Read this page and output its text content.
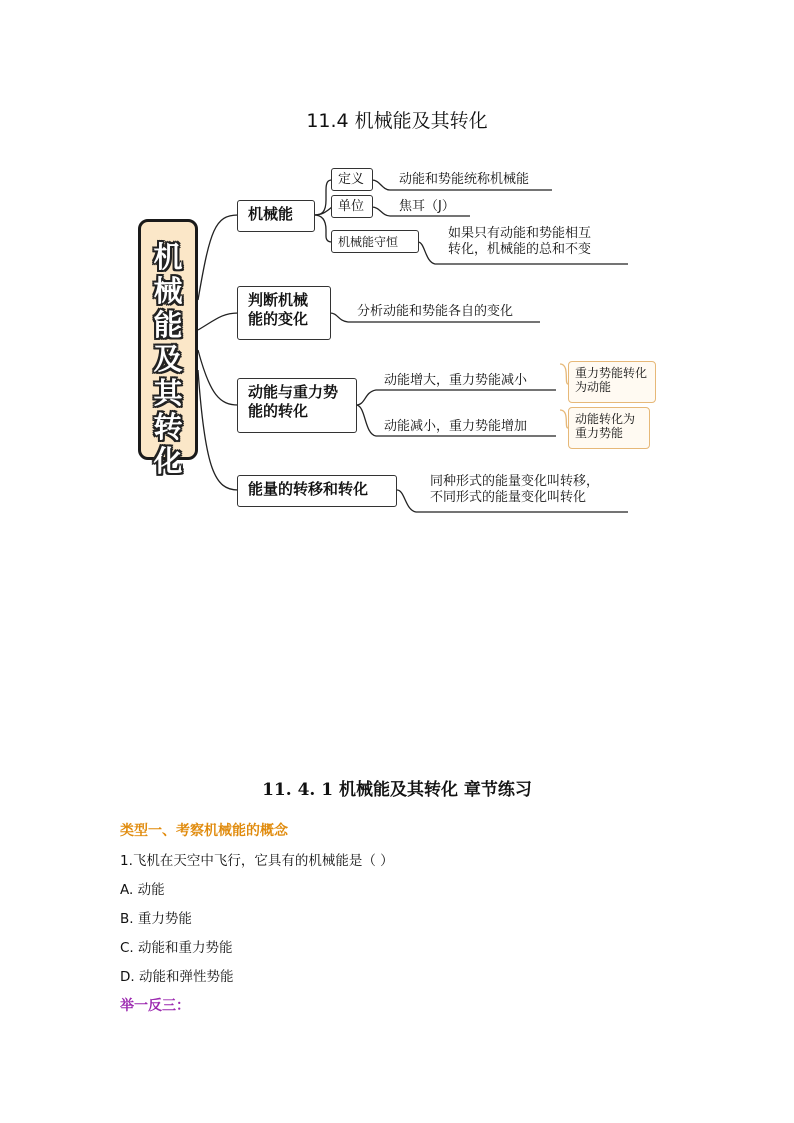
11.4 机械能及其转化
机
械
能
及
其
转
化
机械能
定义	动能和势能统称机械能
单位	焦耳（J）
机械能守恒
如果只有动能和势能相互
转化，机械能的总和不变
判断机械
能的变化	分析动能和势能各自的变化
动能与重力势
能的转化
动能增大，重力势能减小	重力势能转化
为动能
动能减小，重力势能增加	动能转化为
重力势能
能量的转移和转化	同种形式的能量变化叫转移，
不同形式的能量变化叫转化
11. 4. 1 机械能及其转化 章节练习
类型一、考察机械能的概念
1.飞机在天空中飞行，它具有的机械能是（ ）
A. 动能
B. 重力势能
C. 动能和重力势能
D. 动能和弹性势能
举一反三：
